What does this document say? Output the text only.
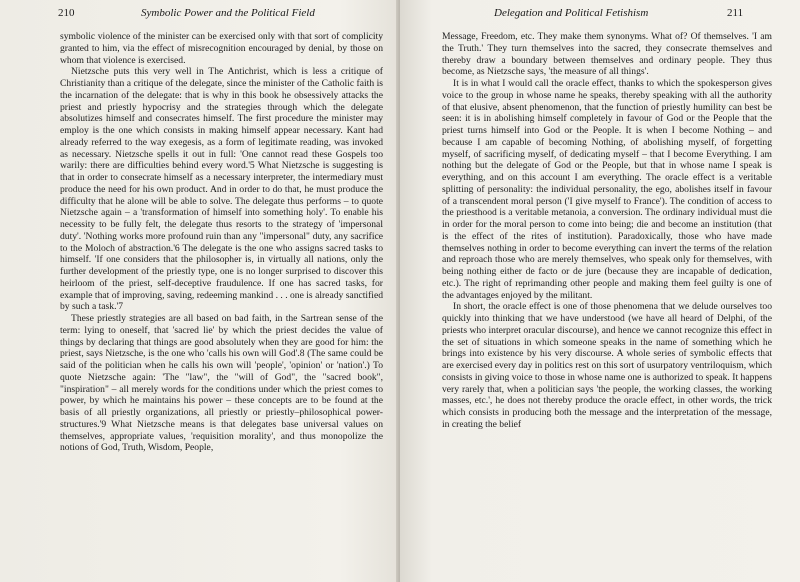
210	Symbolic Power and the Political Field

symbolic violence of the minister can be exercised only with that sort of complicity granted to him, via the effect of misrecognition encouraged by denial, by those on whom that violence is exercised.

Nietzsche puts this very well in The Antichrist, which is less a critique of Christianity than a critique of the delegate, since the minister of the Catholic faith is the incarnation of the delegate: that is why in this book he obsessively attacks the priest and priestly hypocrisy and the strategies through which the delegate absolutizes himself and consecrates himself. The first procedure the minister may employ is the one which consists in making himself appear necessary. Kant had already referred to the way exegesis, as a form of legitimate reading, was invoked as necessary. Nietzsche spells it out in full: 'One cannot read these Gospels too warily: there are difficulties behind every word.'5 What Nietzsche is suggesting is that in order to consecrate himself as a necessary interpreter, the intermediary must produce the need for his own product. And in order to do that, he must produce the difficulty that he alone will be able to solve. The delegate thus performs – to quote Nietzsche again – a 'transformation of himself into something holy'. To enable his necessity to be fully felt, the delegate thus resorts to the strategy of 'impersonal duty'. 'Nothing works more profound ruin than any "impersonal" duty, any sacrifice to the Moloch of abstraction.'6 The delegate is the one who assigns sacred tasks to himself. 'If one considers that the philosopher is, in virtually all nations, only the further development of the priestly type, one is no longer surprised to discover this heirloom of the priest, self-deceptive fraudulence. If one has sacred tasks, for example that of improving, saving, redeeming mankind . . . one is already sanctified by such a task.'7

These priestly strategies are all based on bad faith, in the Sartrean sense of the term: lying to oneself, that 'sacred lie' by which the priest decides the value of things by declaring that things are good absolutely when they are good for him: the priest, says Nietzsche, is the one who 'calls his own will God'.8 (The same could be said of the politician when he calls his own will 'people', 'opinion' or 'nation'.) To quote Nietzsche again: 'The "law", the "will of God", the "sacred book", "inspiration" – all merely words for the conditions under which the priest comes to power, by which he maintains his power – these concepts are to be found at the basis of all priestly organizations, all priestly or priestly–philosophical power-structures.'9 What Nietzsche means is that delegates base universal values on themselves, appropriate values, 'requisition morality', and thus monopolize the notions of God, Truth, Wisdom, People,

Delegation and Political Fetishism	211

Message, Freedom, etc. They make them synonyms. What of? Of themselves. 'I am the Truth.' They turn themselves into the sacred, they consecrate themselves and thereby draw a boundary between themselves and ordinary people. They thus become, as Nietzsche says, 'the measure of all things'.

It is in what I would call the oracle effect, thanks to which the spokesperson gives voice to the group in whose name he speaks, thereby speaking with all the authority of that elusive, absent phenomenon, that the function of priestly humility can best be seen: it is in abolishing himself completely in favour of God or the People that the priest turns himself into God or the People. It is when I become Nothing – and because I am capable of becoming Nothing, of abolishing myself, of forgetting myself, of sacrificing myself, of dedicating myself – that I become Everything. I am nothing but the delegate of God or the People, but that in whose name I speak is everything, and on this account I am everything. The oracle effect is a veritable splitting of personality: the individual personality, the ego, abolishes itself in favour of a transcendent moral person ('I give myself to France'). The condition of access to the priesthood is a veritable metanoia, a conversion. The ordinary individual must die in order for the moral person to come into being; die and become an institution (that is the effect of the rites of institution). Paradoxically, those who have made themselves nothing in order to become everything can invert the terms of the relation and reproach those who are merely themselves, who speak only for themselves, with being nothing either de facto or de jure (because they are incapable of dedication, etc.). The right of reprimanding other people and making them feel guilty is one of the advantages enjoyed by the militant.

In short, the oracle effect is one of those phenomena that we delude ourselves too quickly into thinking that we have understood (we have all heard of Delphi, of the priests who interpret oracular discourse), and hence we cannot recognize this effect in the set of situations in which someone speaks in the name of something which he brings into existence by his very discourse. A whole series of symbolic effects that are exercised every day in politics rest on this sort of usurpatory ventriloquism, which consists in giving voice to those in whose name one is authorized to speak. It happens very rarely that, when a politician says 'the people, the working classes, the working masses, etc.', he does not thereby produce the oracle effect, in other words, the trick which consists in producing both the message and the interpretation of the message, in creating the belief
